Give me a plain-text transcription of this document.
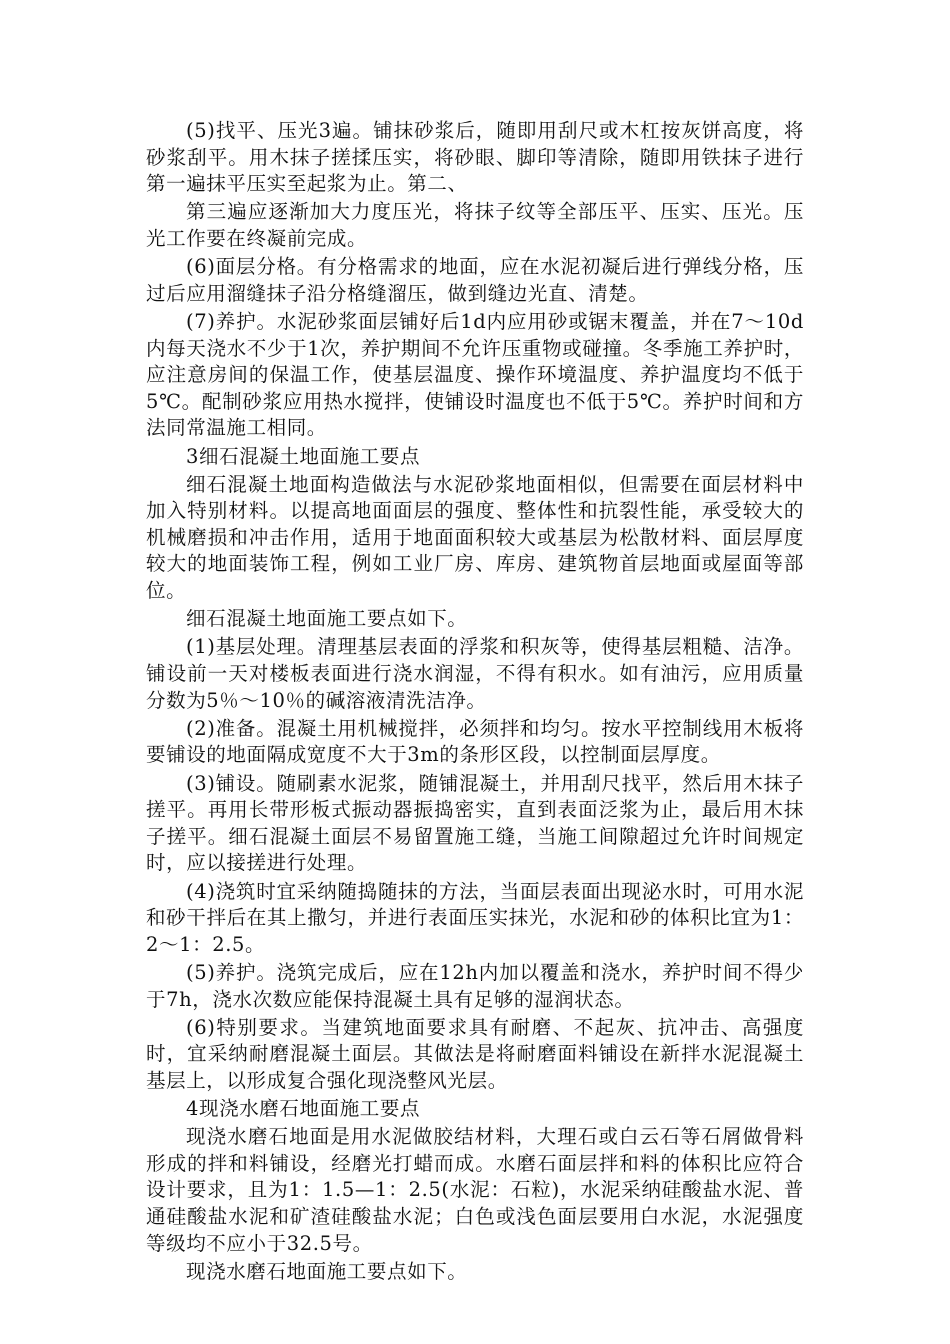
(5)找平、压光3遍。铺抹砂浆后，随即用刮尺或木杠按灰饼高度，将砂浆刮平。用木抹子搓揉压实，将砂眼、脚印等清除，随即用铁抹子进行第一遍抹平压实至起浆为止。第二、

第三遍应逐渐加大力度压光，将抹子纹等全部压平、压实、压光。压光工作要在终凝前完成。

(6)面层分格。有分格需求的地面，应在水泥初凝后进行弹线分格，压过后应用溜缝抹子沿分格缝溜压，做到缝边光直、清楚。

(7)养护。水泥砂浆面层铺好后1d内应用砂或锯末覆盖，并在7～10d内每天浇水不少于1次，养护期间不允许压重物或碰撞。冬季施工养护时，应注意房间的保温工作，使基层温度、操作环境温度、养护温度均不低于5℃。配制砂浆应用热水搅拌，使铺设时温度也不低于5℃。养护时间和方法同常温施工相同。

3细石混凝土地面施工要点

细石混凝土地面构造做法与水泥砂浆地面相似，但需要在面层材料中加入特别材料。以提高地面面层的强度、整体性和抗裂性能，承受较大的机械磨损和冲击作用，适用于地面面积较大或基层为松散材料、面层厚度较大的地面装饰工程，例如工业厂房、库房、建筑物首层地面或屋面等部位。

细石混凝土地面施工要点如下。

(1)基层处理。清理基层表面的浮浆和积灰等，使得基层粗糙、洁净。铺设前一天对楼板表面进行浇水润湿，不得有积水。如有油污，应用质量分数为5％～10％的碱溶液清洗洁净。

(2)准备。混凝土用机械搅拌，必须拌和均匀。按水平控制线用木板将要铺设的地面隔成宽度不大于3m的条形区段，以控制面层厚度。

(3)铺设。随刷素水泥浆，随铺混凝土，并用刮尺找平，然后用木抹子搓平。再用长带形板式振动器振捣密实，直到表面泛浆为止，最后用木抹子搓平。细石混凝土面层不易留置施工缝，当施工间隙超过允许时间规定时，应以接搓进行处理。

(4)浇筑时宜采纳随捣随抹的方法，当面层表面出现泌水时，可用水泥和砂干拌后在其上撒匀，并进行表面压实抹光，水泥和砂的体积比宜为1：2～1：2.5。

(5)养护。浇筑完成后，应在12h内加以覆盖和浇水，养护时间不得少于7h，浇水次数应能保持混凝土具有足够的湿润状态。

(6)特别要求。当建筑地面要求具有耐磨、不起灰、抗冲击、高强度时，宜采纳耐磨混凝土面层。其做法是将耐磨面料铺设在新拌水泥混凝土基层上，以形成复合强化现浇整风光层。

4现浇水磨石地面施工要点

现浇水磨石地面是用水泥做胶结材料，大理石或白云石等石屑做骨料形成的拌和料铺设，经磨光打蜡而成。水磨石面层拌和料的体积比应符合设计要求，且为1：1.5—1：2.5(水泥：石粒)，水泥采纳硅酸盐水泥、普通硅酸盐水泥和矿渣硅酸盐水泥；白色或浅色面层要用白水泥，水泥强度等级均不应小于32.5号。

现浇水磨石地面施工要点如下。
